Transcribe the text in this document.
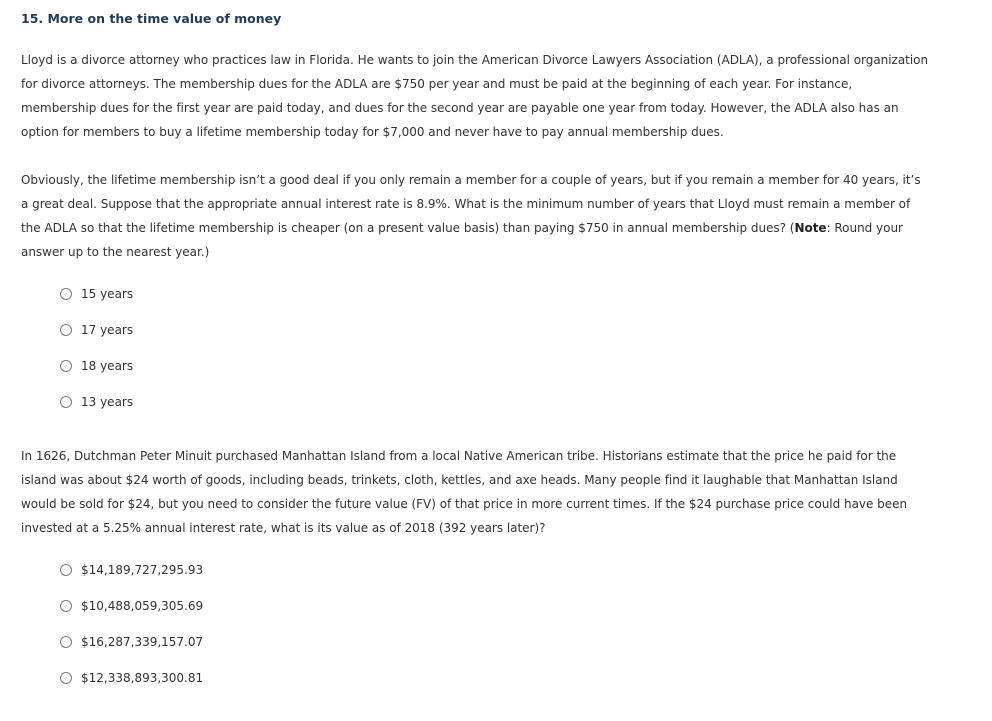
15. More on the time value of money

Lloyd is a divorce attorney who practices law in Florida. He wants to join the American Divorce Lawyers Association (ADLA), a professional organization
for divorce attorneys. The membership dues for the ADLA are $750 per year and must be paid at the beginning of each year. For instance,
membership dues for the first year are paid today, and dues for the second year are payable one year from today. However, the ADLA also has an
option for members to buy a lifetime membership today for $7,000 and never have to pay annual membership dues.

Obviously, the lifetime membership isn’t a good deal if you only remain a member for a couple of years, but if you remain a member for 40 years, it’s
a great deal. Suppose that the appropriate annual interest rate is 8.9%. What is the minimum number of years that Lloyd must remain a member of
the ADLA so that the lifetime membership is cheaper (on a present value basis) than paying $750 in annual membership dues? (Note: Round your
answer up to the nearest year.)

15 years
17 years
18 years
13 years

In 1626, Dutchman Peter Minuit purchased Manhattan Island from a local Native American tribe. Historians estimate that the price he paid for the
island was about $24 worth of goods, including beads, trinkets, cloth, kettles, and axe heads. Many people find it laughable that Manhattan Island
would be sold for $24, but you need to consider the future value (FV) of that price in more current times. If the $24 purchase price could have been
invested at a 5.25% annual interest rate, what is its value as of 2018 (392 years later)?

$14,189,727,295.93
$10,488,059,305.69
$16,287,339,157.07
$12,338,893,300.81
